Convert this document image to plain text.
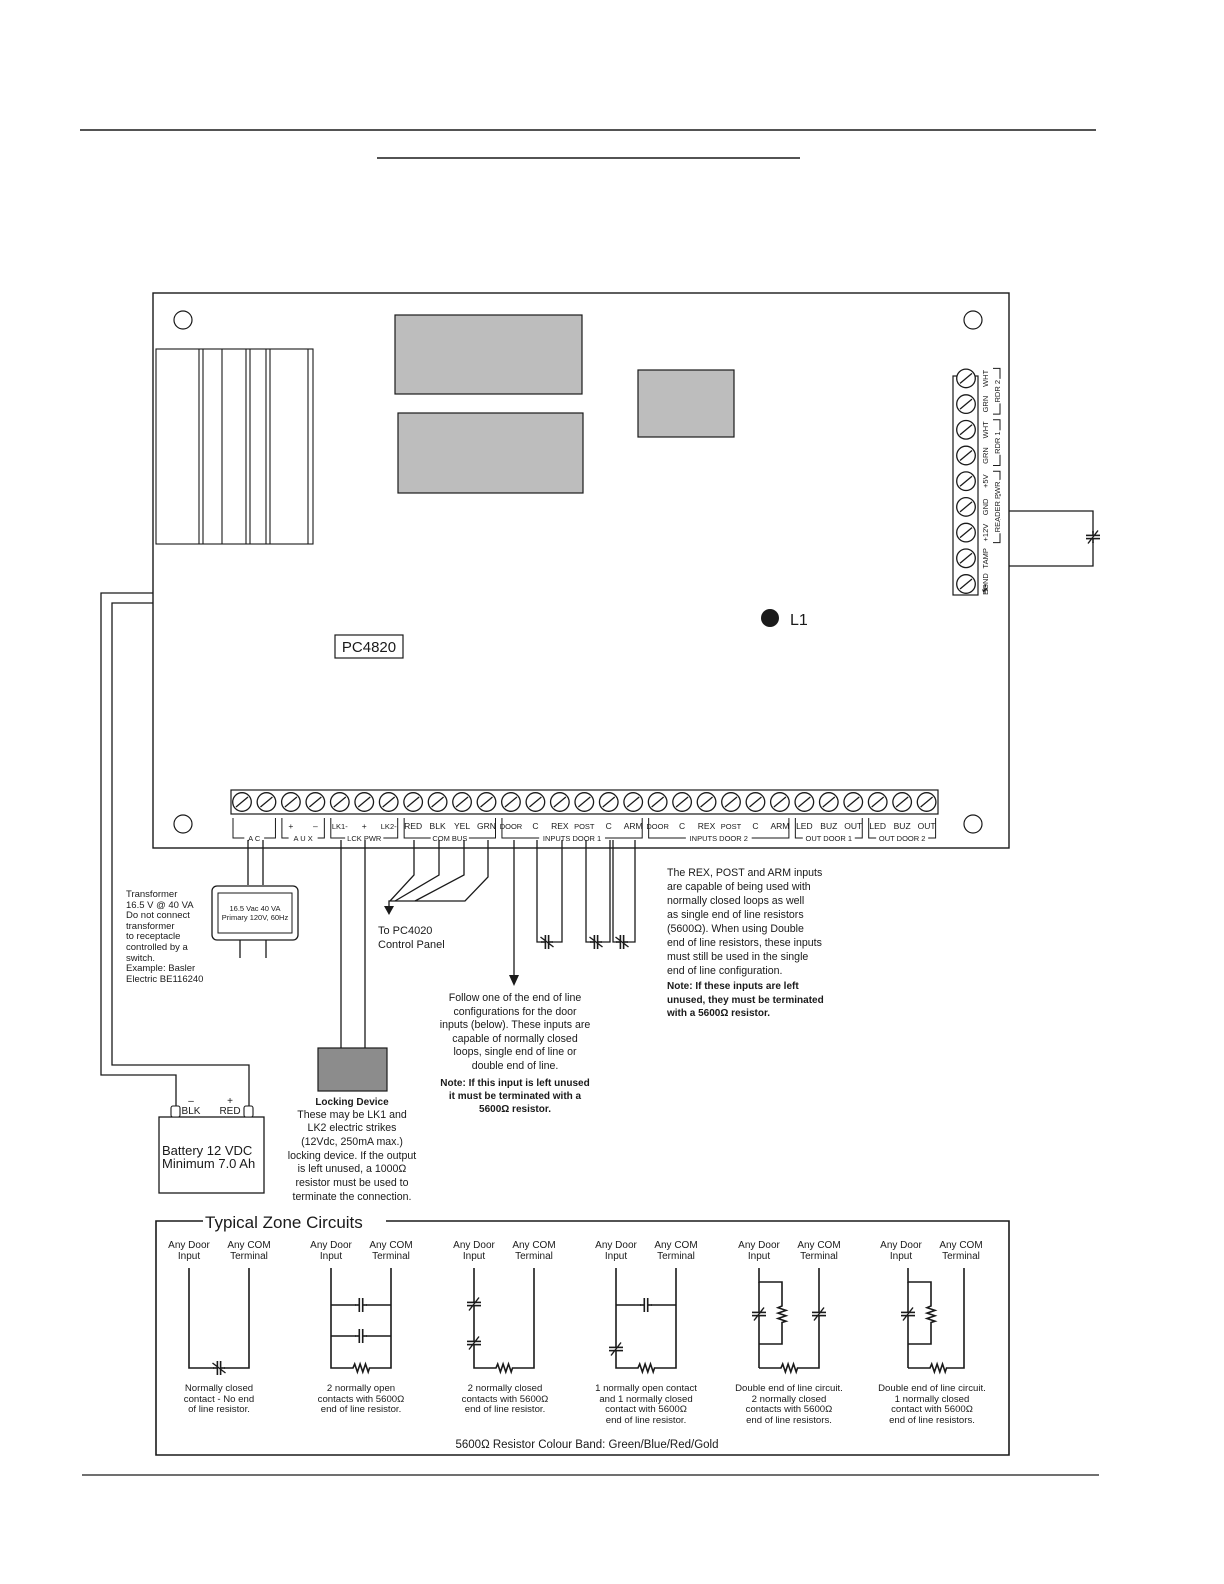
PC4820
L1
+ – LK1- + LK2- RED BLK YEL GRN DOOR C REX POST C ARM DOOR C REX POST C ARM LED BUZ OUT LED BUZ OUT
A C	A U X	LCK PWR	COM BUS	INPUTS DOOR 1	INPUTS DOOR 2	OUT DOOR 1	OUT DOOR 2
EGND
TAMP
+12V
GND
+5V
GRN
WHT
GRN
WHT
READER PWR
RDR 1
RDR 2
16.5 Vac 40 VA Primary 120V, 60Hz
–
BLK
+
RED
Battery 12 VDC Minimum 7.0 Ah
Typical Zone Circuits
Any Door Input
Any COM Terminal
Any Door Input
Any COM Terminal
Any Door Input
Any COM Terminal
Any Door Input
Any COM Terminal
Any Door Input
Any COM Terminal
Any Door Input
Any COM Terminal
5600Ω Resistor Colour Band: Green/Blue/Red/Gold

Transformer
16.5 V @ 40 VA
Do not connect
transformer
to receptacle
controlled by a
switch.
Example: Basler
Electric BE116240

To PC4020
Control Panel

Locking Device

These may be LK1 and
LK2 electric strikes
(12Vdc, 250mA max.)
locking device. If the output
is left unused, a 1000Ω
resistor must be used to
terminate the connection.

Follow one of the end of line
configurations for the door
inputs (below). These inputs are
capable of normally closed
loops, single end of line or
double end of line.

Note: If this input is left unused
it must be terminated with a
5600Ω resistor.

The REX, POST and ARM inputs
are capable of being used with
normally closed loops as well
as single end of line resistors
(5600Ω). When using Double
end of line resistors, these inputs
must still be used in the single
end of line configuration.

Note: If these inputs are left
unused, they must be terminated
with a 5600Ω resistor.

Normally closed
contact - No end
of line resistor.
2 normally open
contacts with 5600Ω
end of line resistor.
2 normally closed
contacts with 5600Ω
end of line resistor.
1 normally open contact
and 1 normally closed
contact with 5600Ω
end of line resistor.
Double end of line circuit.
2 normally closed
contacts with 5600Ω
end of line resistors.
Double end of line circuit.
1 normally closed
contact with 5600Ω
end of line resistors.
